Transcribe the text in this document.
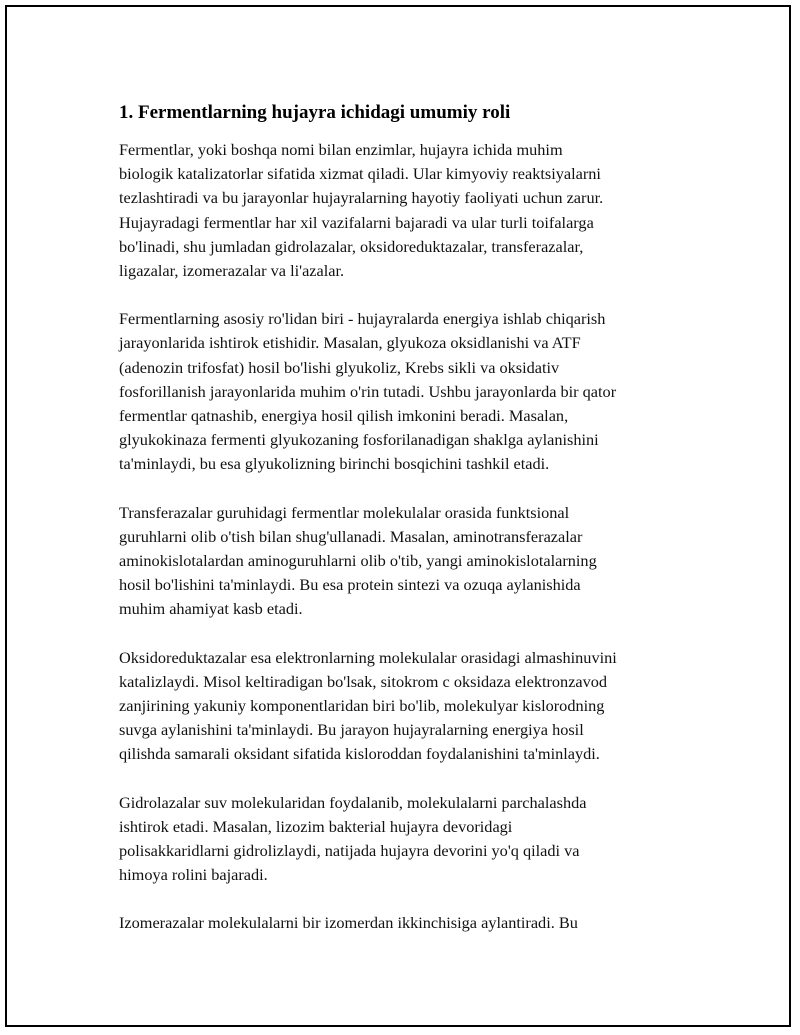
1. Fermentlarning hujayra ichidagi umumiy roli

Fermentlar, yoki boshqa nomi bilan enzimlar, hujayra ichida muhim
biologik katalizatorlar sifatida xizmat qiladi. Ular kimyoviy reaktsiyalarni
tezlashtiradi va bu jarayonlar hujayralarning hayotiy faoliyati uchun zarur.
Hujayradagi fermentlar har xil vazifalarni bajaradi va ular turli toifalarga
bo'linadi, shu jumladan gidrolazalar, oksidoreduktazalar, transferazalar,
ligazalar, izomerazalar va li'azalar.

Fermentlarning asosiy ro'lidan biri - hujayralarda energiya ishlab chiqarish
jarayonlarida ishtirok etishidir. Masalan, glyukoza oksidlanishi va ATF
(adenozin trifosfat) hosil bo'lishi glyukoliz, Krebs sikli va oksidativ
fosforillanish jarayonlarida muhim o'rin tutadi. Ushbu jarayonlarda bir qator
fermentlar qatnashib, energiya hosil qilish imkonini beradi. Masalan,
glyukokinaza fermenti glyukozaning fosforilanadigan shaklga aylanishini
ta'minlaydi, bu esa glyukolizning birinchi bosqichini tashkil etadi.

Transferazalar guruhidagi fermentlar molekulalar orasida funktsional
guruhlarni olib o'tish bilan shug'ullanadi. Masalan, aminotransferazalar
aminokislotalardan aminoguruhlarni olib o'tib, yangi aminokislotalarning
hosil bo'lishini ta'minlaydi. Bu esa protein sintezi va ozuqa aylanishida
muhim ahamiyat kasb etadi.

Oksidoreduktazalar esa elektronlarning molekulalar orasidagi almashinuvini
katalizlaydi. Misol keltiradigan bo'lsak, sitokrom c oksidaza elektronzavod
zanjirining yakuniy komponentlaridan biri bo'lib, molekulyar kislorodning
suvga aylanishini ta'minlaydi. Bu jarayon hujayralarning energiya hosil
qilishda samarali oksidant sifatida kisloroddan foydalanishini ta'minlaydi.

Gidrolazalar suv molekularidan foydalanib, molekulalarni parchalashda
ishtirok etadi. Masalan, lizozim bakterial hujayra devoridagi
polisakkaridlarni gidrolizlaydi, natijada hujayra devorini yo'q qiladi va
himoya rolini bajaradi.

Izomerazalar molekulalarni bir izomerdan ikkinchisiga aylantiradi. Bu
